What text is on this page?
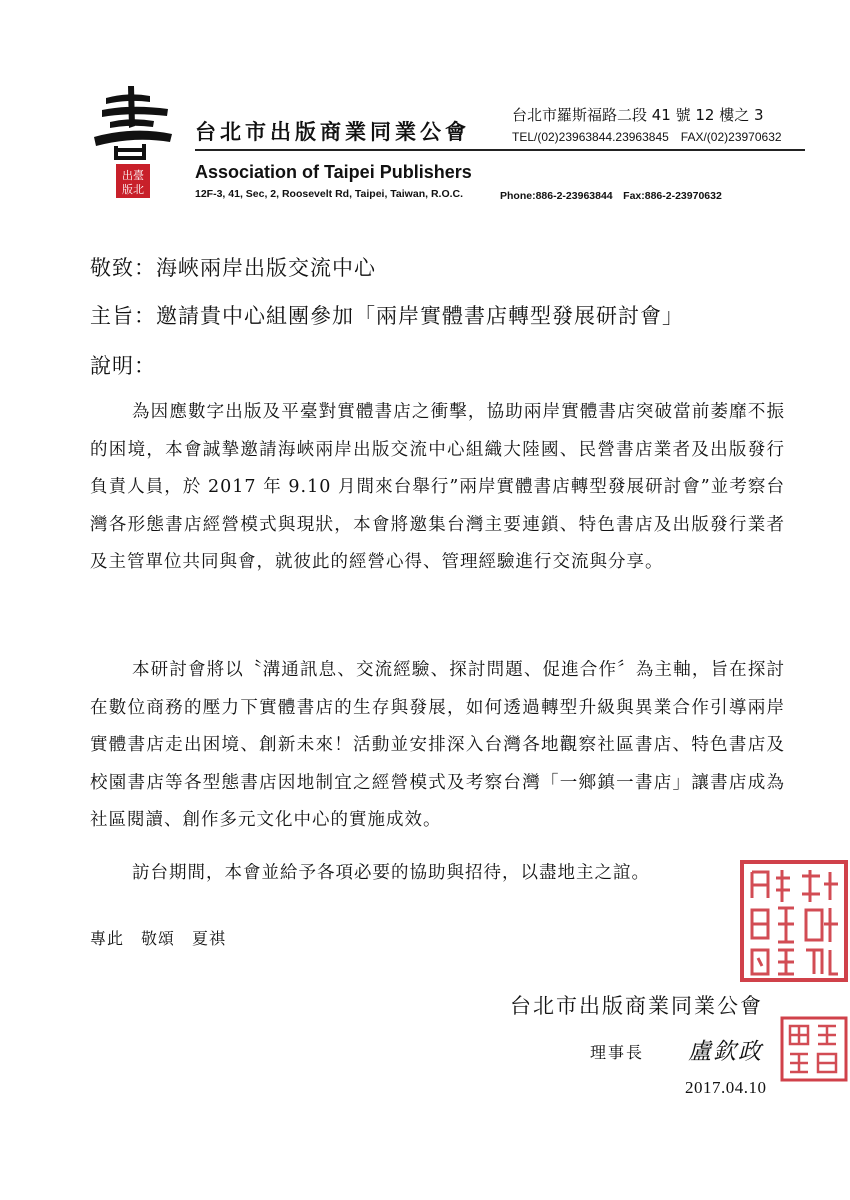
出臺
版北
台北市出版商業同業公會
台北市羅斯福路二段 41 號 12 樓之 3
TEL/(02)23963844.23963845　FAX/(02)23970632
Association of Taipei Publishers
12F-3, 41, Sec, 2, Roosevelt Rd, Taipei, Taiwan, R.O.C.	Phone:886-2-23963844　Fax:886-2-23970632
敬致：海峽兩岸出版交流中心
主旨：邀請貴中心組團參加「兩岸實體書店轉型發展研討會」
說明：
為因應數字出版及平臺對實體書店之衝擊，協助兩岸實體書店突破當前萎靡不振的困境，本會誠摯邀請海峽兩岸出版交流中心組織大陸國、民營書店業者及出版發行負責人員，於 2017 年 9.10 月間來台舉行”兩岸實體書店轉型發展研討會”並考察台灣各形態書店經營模式與現狀，本會將邀集台灣主要連鎖、特色書店及出版發行業者及主管單位共同與會，就彼此的經營心得、管理經驗進行交流與分享。
本研討會將以〝溝通訊息、交流經驗、探討問題、促進合作〞為主軸，旨在探討在數位商務的壓力下實體書店的生存與發展，如何透過轉型升級與異業合作引導兩岸實體書店走出困境、創新未來！活動並安排深入台灣各地觀察社區書店、特色書店及校園書店等各型態書店因地制宜之經營模式及考察台灣「一鄉鎮一書店」讓書店成為社區閱讀、創作多元文化中心的實施成效。
訪台期間，本會並給予各項必要的協助與招待，以盡地主之誼。
專此　敬頌　夏祺
台北市出版商業同業公會
理事長 盧欽政
2017.04.10
